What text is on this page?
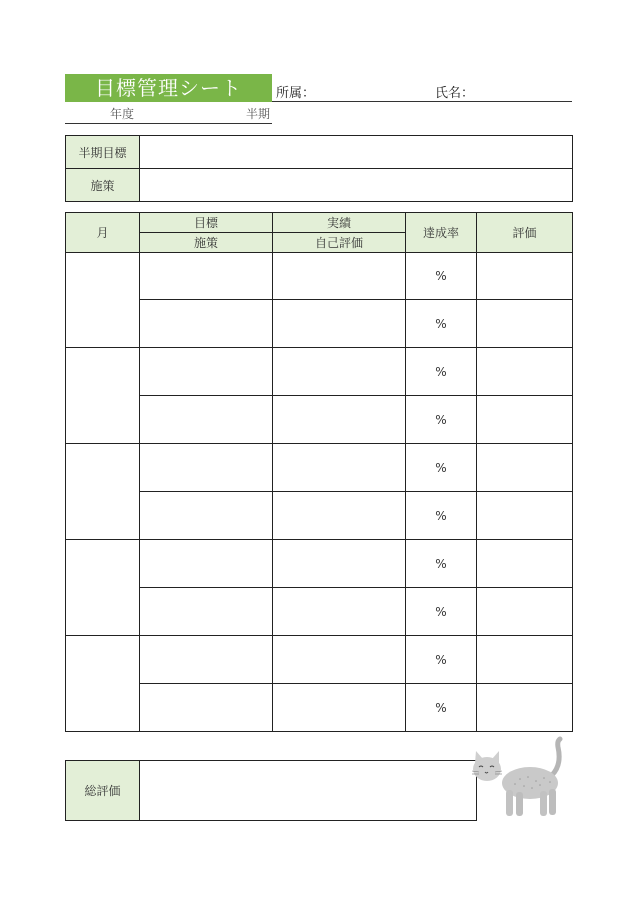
目標管理シート	所属：	氏名：
年度	半期
半期目標	
施策	
月	目標	実績	達成率	評価
	施策	自己評価		
			%	
			%	
			%	
			%	
			%	
			%	
			%	
			%	
			%	
			%	
総評価	
